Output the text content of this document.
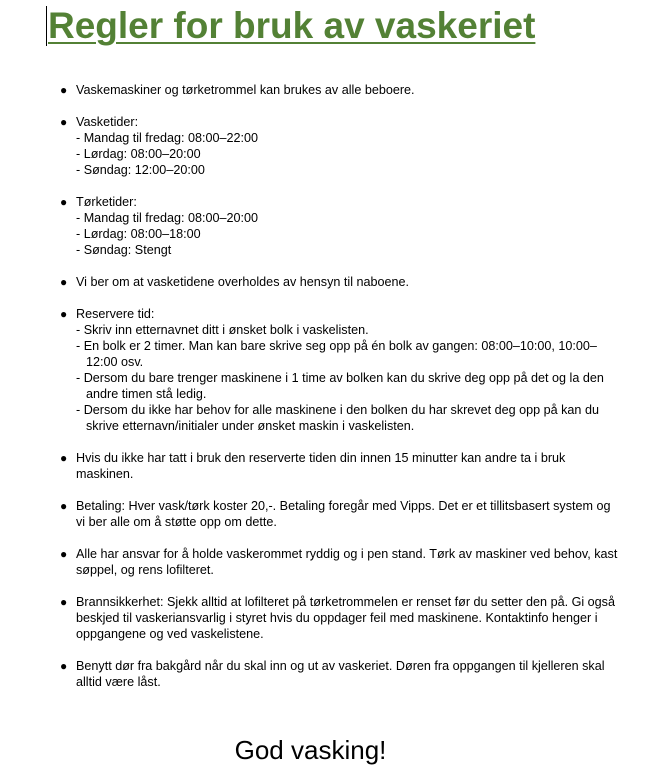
Regler for bruk av vaskeriet
● Vaskemaskiner og tørketrommel kan brukes av alle beboere.
● Vasketider:
- Mandag til fredag: 08:00–22:00
- Lørdag: 08:00–20:00
- Søndag: 12:00–20:00
● Tørketider:
- Mandag til fredag: 08:00–20:00
- Lørdag: 08:00–18:00
- Søndag: Stengt
● Vi ber om at vasketidene overholdes av hensyn til naboene.
● Reservere tid:
- Skriv inn etternavnet ditt i ønsket bolk i vaskelisten.
- En bolk er 2 timer. Man kan bare skrive seg opp på én bolk av gangen: 08:00–10:00, 10:00–12:00 osv.
- Dersom du bare trenger maskinene i 1 time av bolken kan du skrive deg opp på det og la den andre timen stå ledig.
- Dersom du ikke har behov for alle maskinene i den bolken du har skrevet deg opp på kan du skrive etternavn/initialer under ønsket maskin i vaskelisten.
● Hvis du ikke har tatt i bruk den reserverte tiden din innen 15 minutter kan andre ta i bruk maskinen.
● Betaling: Hver vask/tørk koster 20,-. Betaling foregår med Vipps. Det er et tillitsbasert system og vi ber alle om å støtte opp om dette.
● Alle har ansvar for å holde vaskerommet ryddig og i pen stand. Tørk av maskiner ved behov, kast søppel, og rens lofilteret.
● Brannsikkerhet: Sjekk alltid at lofilteret på tørketrommelen er renset før du setter den på. Gi også beskjed til vaskeriansvarlig i styret hvis du oppdager feil med maskinene. Kontaktinfo henger i oppgangene og ved vaskelistene.
● Benytt dør fra bakgård når du skal inn og ut av vaskeriet. Døren fra oppgangen til kjelleren skal alltid være låst.

God vasking!
